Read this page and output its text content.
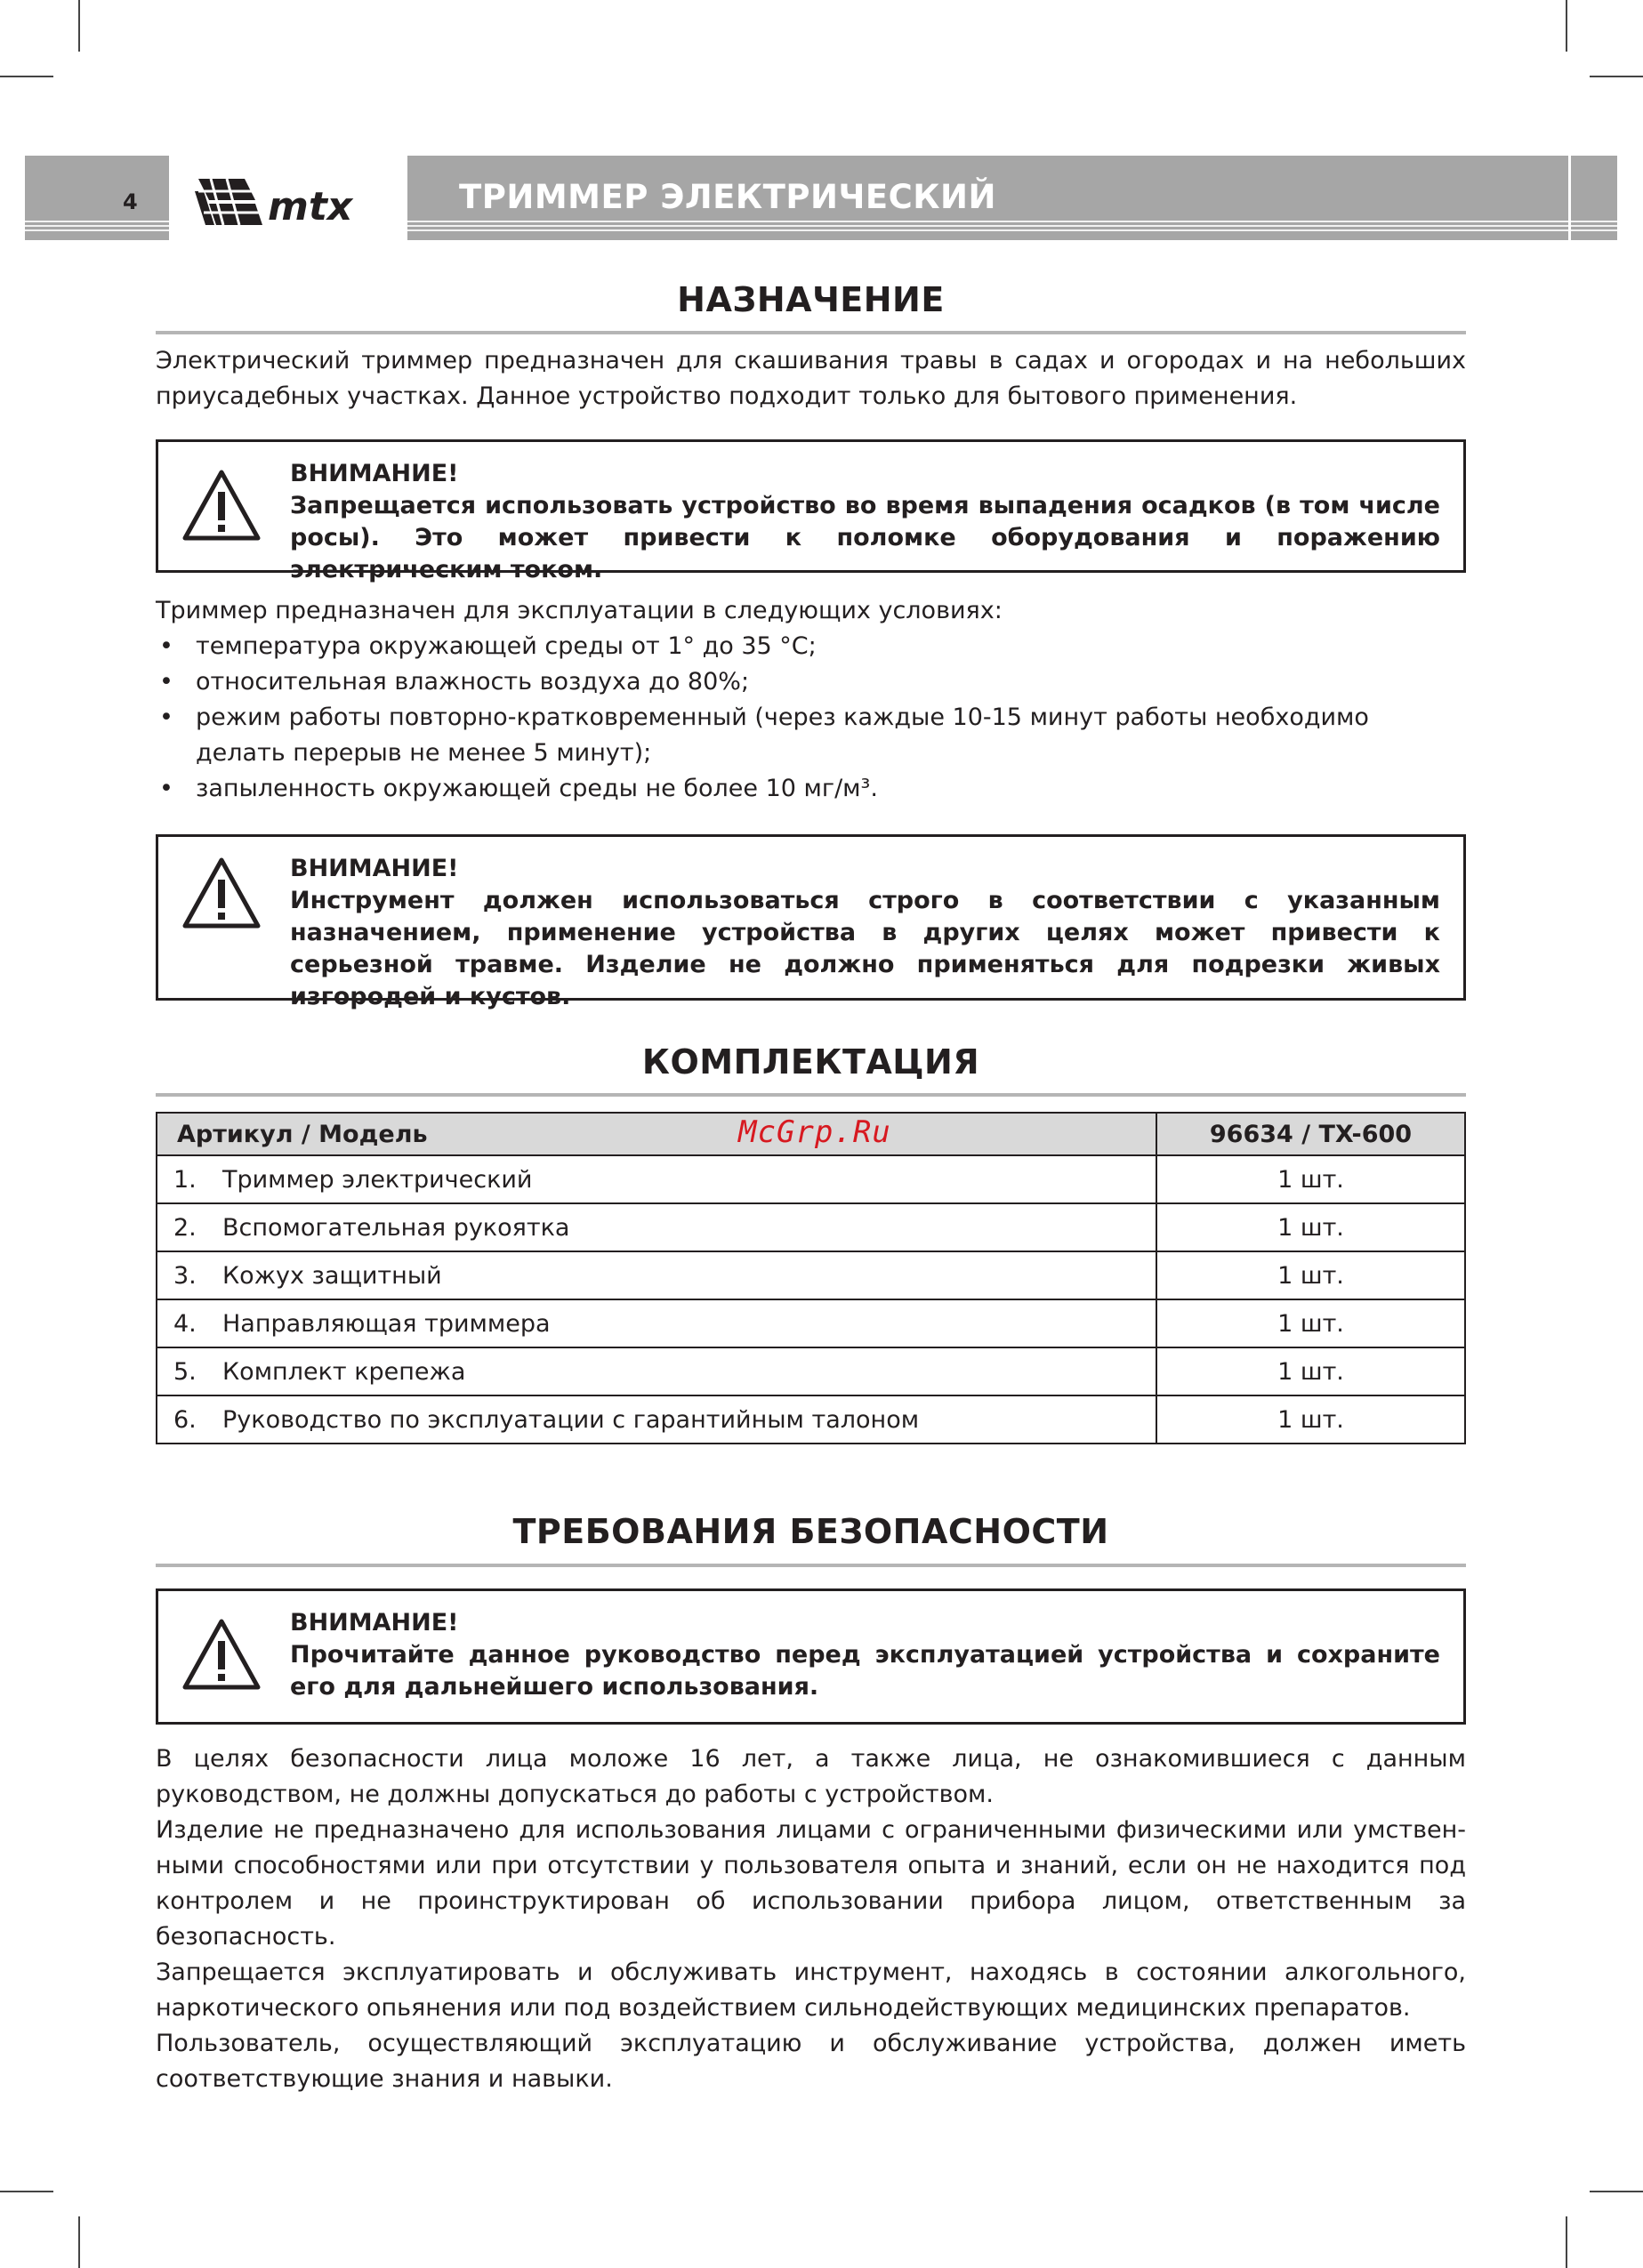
4	mtx	ТРИММЕР ЭЛЕКТРИЧЕСКИЙ
НАЗНАЧЕНИЕ
Электрический триммер предназначен для скашивания травы в садах и огородах и на небольших приусадебных участках. Данное устройство подходит только для бытового применения.
ВНИМАНИЕ!
Запрещается использовать устройство во время выпадения осадков (в том числе росы). Это может привести к поломке оборудования и поражению электрическим током.
Триммер предназначен для эксплуатации в следующих условиях:
• температура окружающей среды от 1° до 35 °С;
• относительная влажность воздуха до 80%;
• режим работы повторно-кратковременный (через каждые 10-15 минут работы необходимо делать перерыв не менее 5 минут);
• запыленность окружающей среды не более 10 мг/м³.
ВНИМАНИЕ!
Инструмент должен использоваться строго в соответствии с указанным назначением, применение устройства в других целях может привести к серьезной травме. Изделие не должно применяться для подрезки живых изгородей и кустов.
КОМПЛЕКТАЦИЯ
Артикул / Модель	96634 / TX-600
1. Триммер электрический	1 шт.
2. Вспомогательная рукоятка	1 шт.
3. Кожух защитный	1 шт.
4. Направляющая триммера	1 шт.
5. Комплект крепежа	1 шт.
6. Руководство по эксплуатации с гарантийным талоном	1 шт.
McGrp.Ru
ТРЕБОВАНИЯ БЕЗОПАСНОСТИ
ВНИМАНИЕ!
Прочитайте данное руководство перед эксплуатацией устройства и сохраните его для дальнейшего использования.
В целях безопасности лица моложе 16 лет, а также лица, не ознакомившиеся с данным руководством, не должны допускаться до работы с устройством.
Изделие не предназначено для использования лицами с ограниченными физическими или умственными способностями или при отсутствии у пользователя опыта и знаний, если он не находится под контролем и не проинструктирован об использовании прибора лицом, ответственным за безопасность.
Запрещается эксплуатировать и обслуживать инструмент, находясь в состоянии алкогольного, наркотического опьянения или под воздействием сильнодействующих медицинских препаратов.
Пользователь, осуществляющий эксплуатацию и обслуживание устройства, должен иметь соответствующие знания и навыки.
